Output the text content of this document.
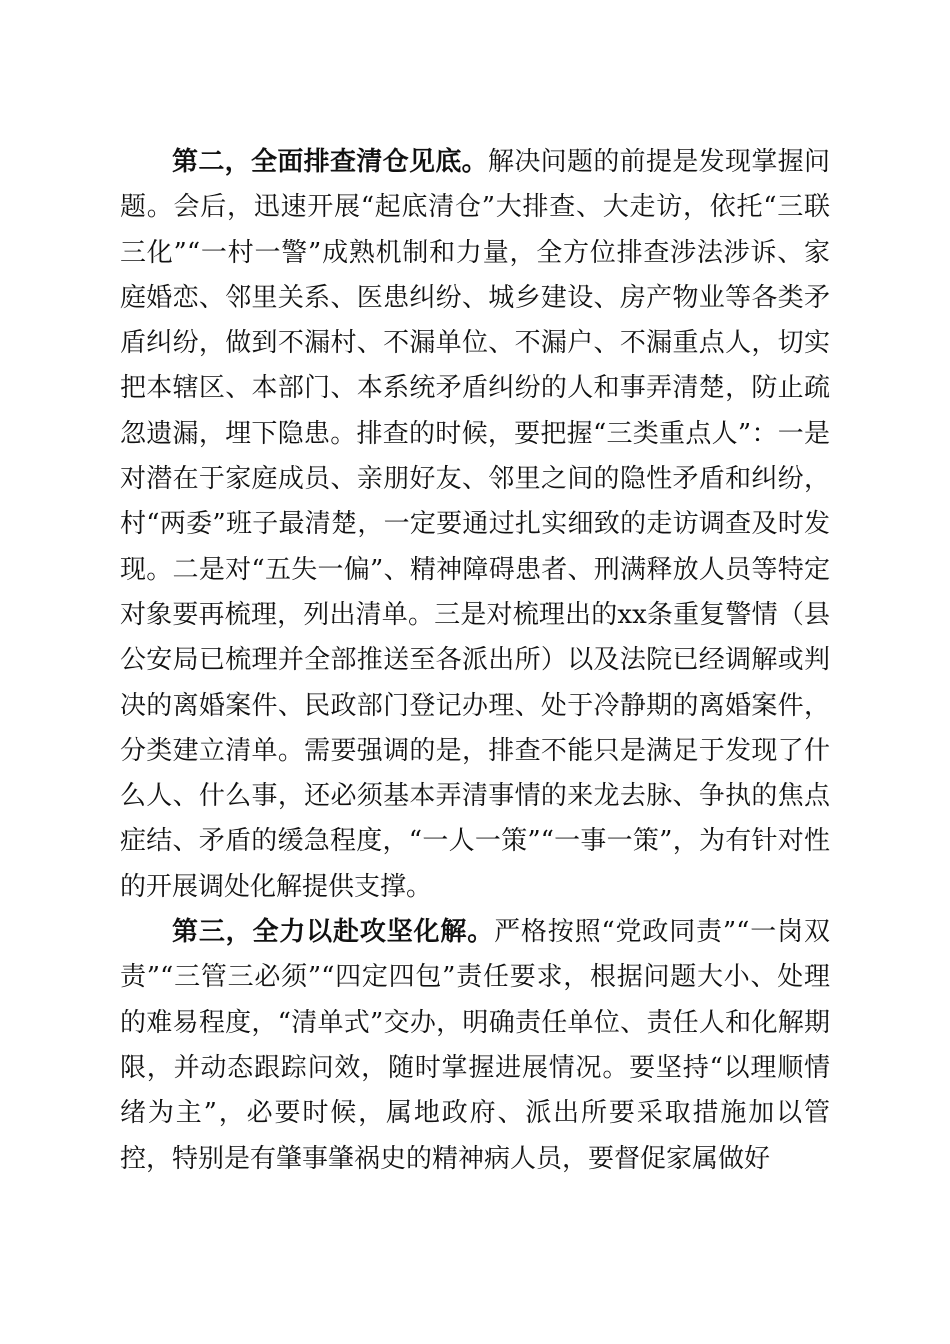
第二，全面排查清仓见底。解决问题的前提是发现掌握问题。会后，迅速开展“起底清仓”大排查、大走访，依托“三联三化”“一村一警”成熟机制和力量，全方位排查涉法涉诉、家庭婚恋、邻里关系、医患纠纷、城乡建设、房产物业等各类矛盾纠纷，做到不漏村、不漏单位、不漏户、不漏重点人，切实把本辖区、本部门、本系统矛盾纠纷的人和事弄清楚，防止疏忽遗漏，埋下隐患。排查的时候，要把握“三类重点人”：一是对潜在于家庭成员、亲朋好友、邻里之间的隐性矛盾和纠纷，村“两委”班子最清楚，一定要通过扎实细致的走访调查及时发现。二是对“五失一偏”、精神障碍患者、刑满释放人员等特定对象要再梳理，列出清单。三是对梳理出的xx条重复警情（县公安局已梳理并全部推送至各派出所）以及法院已经调解或判决的离婚案件、民政部门登记办理、处于冷静期的离婚案件，分类建立清单。需要强调的是，排查不能只是满足于发现了什么人、什么事，还必须基本弄清事情的来龙去脉、争执的焦点症结、矛盾的缓急程度，“一人一策”“一事一策”，为有针对性的开展调处化解提供支撑。

第三，全力以赴攻坚化解。严格按照“党政同责”“一岗双责”“三管三必须”“四定四包”责任要求，根据问题大小、处理的难易程度，“清单式”交办，明确责任单位、责任人和化解期限，并动态跟踪问效，随时掌握进展情况。要坚持“以理顺情绪为主”，必要时候，属地政府、派出所要采取措施加以管控，特别是有肇事肇祸史的精神病人员，要督促家属做好
